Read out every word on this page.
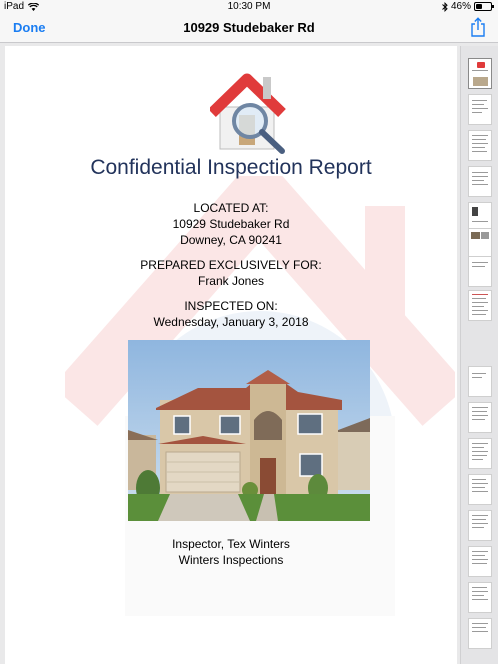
iPad	10:30 PM	46%
Done	10929 Studebaker Rd
Confidential Inspection Report
LOCATED AT:
10929 Studebaker Rd
Downey, CA 90241
PREPARED EXCLUSIVELY FOR:
Frank Jones
INSPECTED ON:
Wednesday, January 3, 2018
Inspector, Tex Winters
Winters Inspections
